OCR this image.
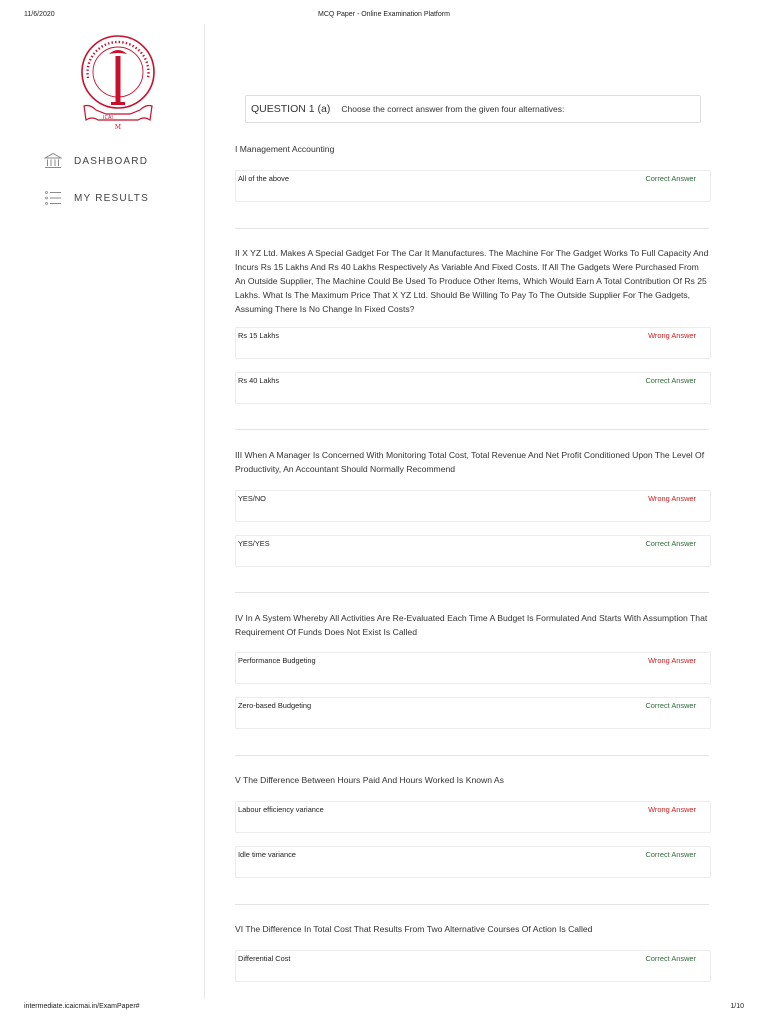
11/6/2020	MCQ Paper - Online Examination Platform
ICAI
M
DASHBOARD
MY RESULTS
QUESTION 1 (a) Choose the correct answer from the given four alternatives:
I Management Accounting
All of the above	Correct Answer
II X YZ Ltd. Makes A Special Gadget For The Car It Manufactures. The Machine For The Gadget Works To Full Capacity And Incurs Rs 15 Lakhs And Rs 40 Lakhs Respectively As Variable And Fixed Costs. If All The Gadgets Were Purchased From An Outside Supplier, The Machine Could Be Used To Produce Other Items, Which Would Earn A Total Contribution Of Rs 25 Lakhs. What Is The Maximum Price That X YZ Ltd. Should Be Willing To Pay To The Outside Supplier For The Gadgets, Assuming There Is No Change In Fixed Costs?
Rs 15 Lakhs	Wrong Answer
Rs 40 Lakhs	Correct Answer
III When A Manager Is Concerned With Monitoring Total Cost, Total Revenue And Net Profit Conditioned Upon The Level Of Productivity, An Accountant Should Normally Recommend
YES/NO	Wrong Answer
YES/YES	Correct Answer
IV In A System Whereby All Activities Are Re-Evaluated Each Time A Budget Is Formulated And Starts With Assumption That Requirement Of Funds Does Not Exist Is Called
Performance Budgeting	Wrong Answer
Zero-based Budgeting	Correct Answer
V The Difference Between Hours Paid And Hours Worked Is Known As
Labour efficiency variance	Wrong Answer
Idle time variance	Correct Answer
VI The Difference In Total Cost That Results From Two Alternative Courses Of Action Is Called
Differential Cost	Correct Answer
intermediate.icaicmai.in/ExamPaper#	1/10
